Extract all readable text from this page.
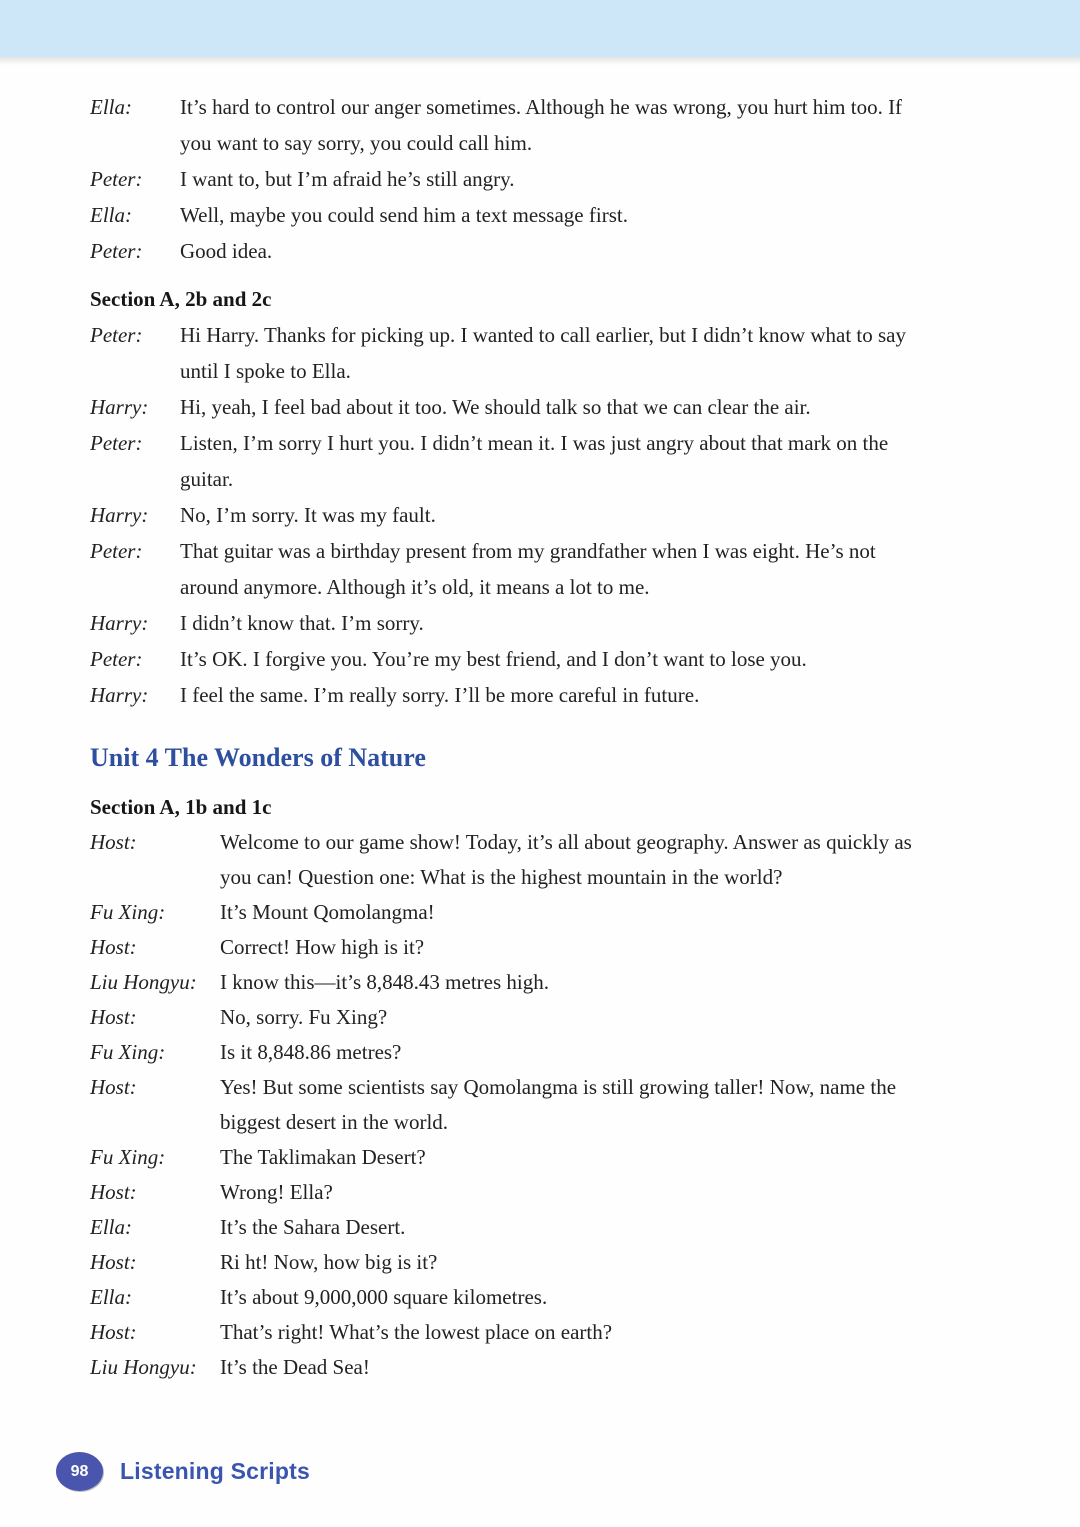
Ella:	It’s hard to control our anger sometimes. Although he was wrong, you hurt him too. If you want to say sorry, you could call him.
Peter:	I want to, but I’m afraid he’s still angry.
Ella:	Well, maybe you could send him a text message first.
Peter:	Good idea.
Section A, 2b and 2c
Peter:	Hi Harry. Thanks for picking up. I wanted to call earlier, but I didn’t know what to say until I spoke to Ella.
Harry:	Hi, yeah, I feel bad about it too. We should talk so that we can clear the air.
Peter:	Listen, I’m sorry I hurt you. I didn’t mean it. I was just angry about that mark on the guitar.
Harry:	No, I’m sorry. It was my fault.
Peter:	That guitar was a birthday present from my grandfather when I was eight. He’s not around anymore. Although it’s old, it means a lot to me.
Harry:	I didn’t know that. I’m sorry.
Peter:	It’s OK. I forgive you. You’re my best friend, and I don’t want to lose you.
Harry:	I feel the same. I’m really sorry. I’ll be more careful in future.
Unit 4 The Wonders of Nature
Section A, 1b and 1c
Host:	Welcome to our game show! Today, it’s all about geography. Answer as quickly as you can! Question one: What is the highest mountain in the world?
Fu Xing:	It’s Mount Qomolangma!
Host:	Correct! How high is it?
Liu Hongyu:	I know this—it’s 8,848.43 metres high.
Host:	No, sorry. Fu Xing?
Fu Xing:	Is it 8,848.86 metres?
Host:	Yes! But some scientists say Qomolangma is still growing taller! Now, name the biggest desert in the world.
Fu Xing:	The Taklimakan Desert?
Host:	Wrong! Ella?
Ella:	It’s the Sahara Desert.
Host:	Ri ht! Now, how big is it?
Ella:	It’s about 9,000,000 square kilometres.
Host:	That’s right! What’s the lowest place on earth?
Liu Hongyu:	It’s the Dead Sea!
98	Listening Scripts
